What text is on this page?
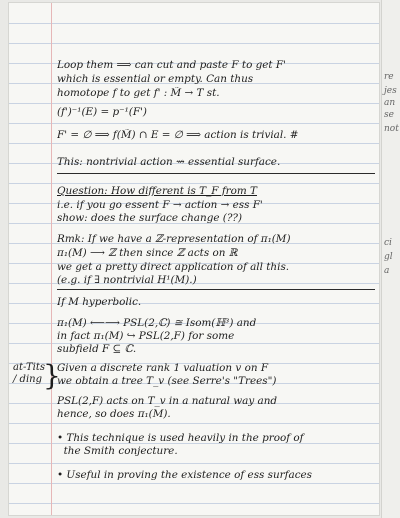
Loop them ⟹ can cut and paste F to get F'
which is essential or empty. Can thus
homotope f to get f' : M̃ → T st.
(f')⁻¹(E) = p⁻¹(F')
F' = ∅ ⟹ f(M̃) ∩ E = ∅ ⟹ action is trivial. #
This: nontrivial action ⇝ essential surface.
Question: How different is T_F from T
i.e. if you go essent F → action → ess F'
show: does the surface change (??)
Rmk: If we have a ℤ-representation of π₁(M)
π₁(M) ⟶ ℤ then since ℤ acts on ℝ
we get a pretty direct application of all this.
(e.g. if ∃ nontrivial H¹(M).)
If M hyperbolic.
π₁(M) ⟵⟶ PSL(2,ℂ) ≅ Isom(ℍ³) and
in fact π₁(M) ↪ PSL(2,F) for some
subfield F ⊆ ℂ.
Given a discrete rank 1 valuation v on F
we obtain a tree T_v (see Serre's "Trees")
PSL(2,F) acts on T_v in a natural way and
hence, so does π₁(M).
• This technique is used heavily in the proof of
the Smith conjecture.
• Useful in proving the existence of ess surfaces
at-Tits / ding }
re
jes
an
se
not
ci
gl
a
